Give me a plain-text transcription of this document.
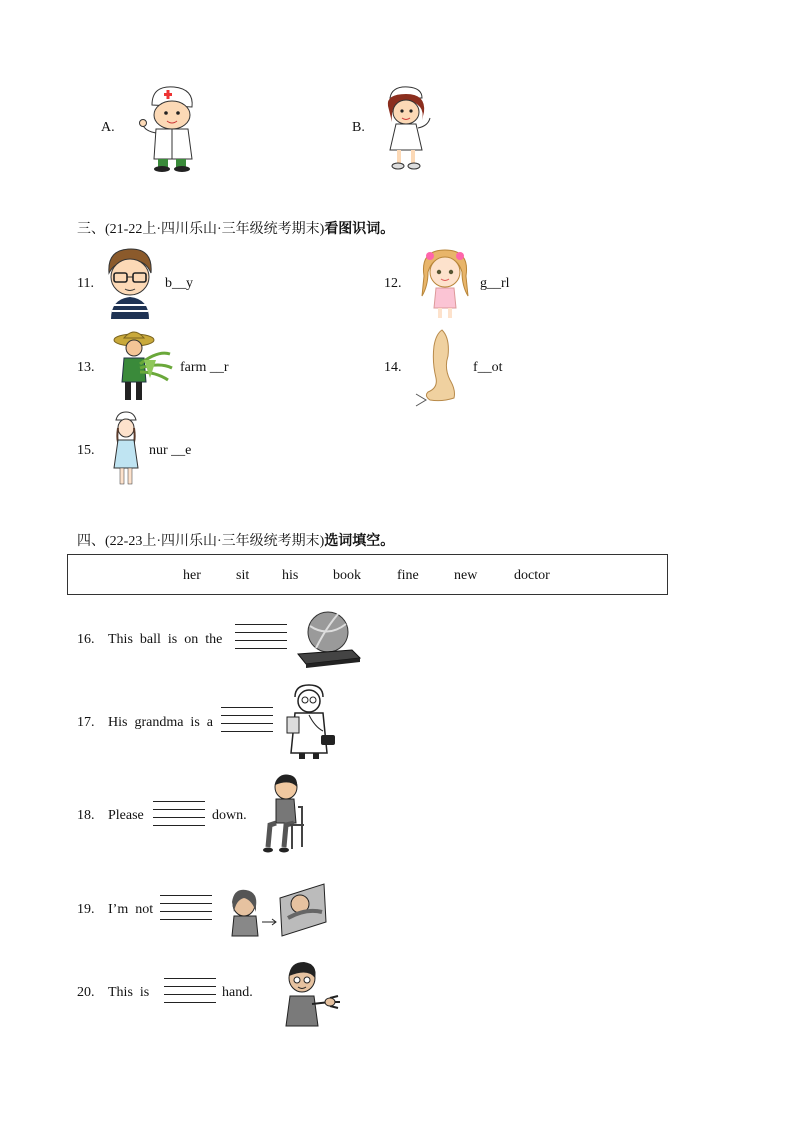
A.	B.
三、(21-22上·四川乐山·三年级统考期末)看图识词。
11.	b__y	12.	g__rl
13.	farm __r	14.	f__ot
15.	nur __e
四、(22-23上·四川乐山·三年级统考期末)选词填空。
her	sit his book	fine	new	doctor
16. This  ball  is  on  the
17. His  grandma  is  a
18. Please	down.
19. I’m  not
20. This  is	hand.
